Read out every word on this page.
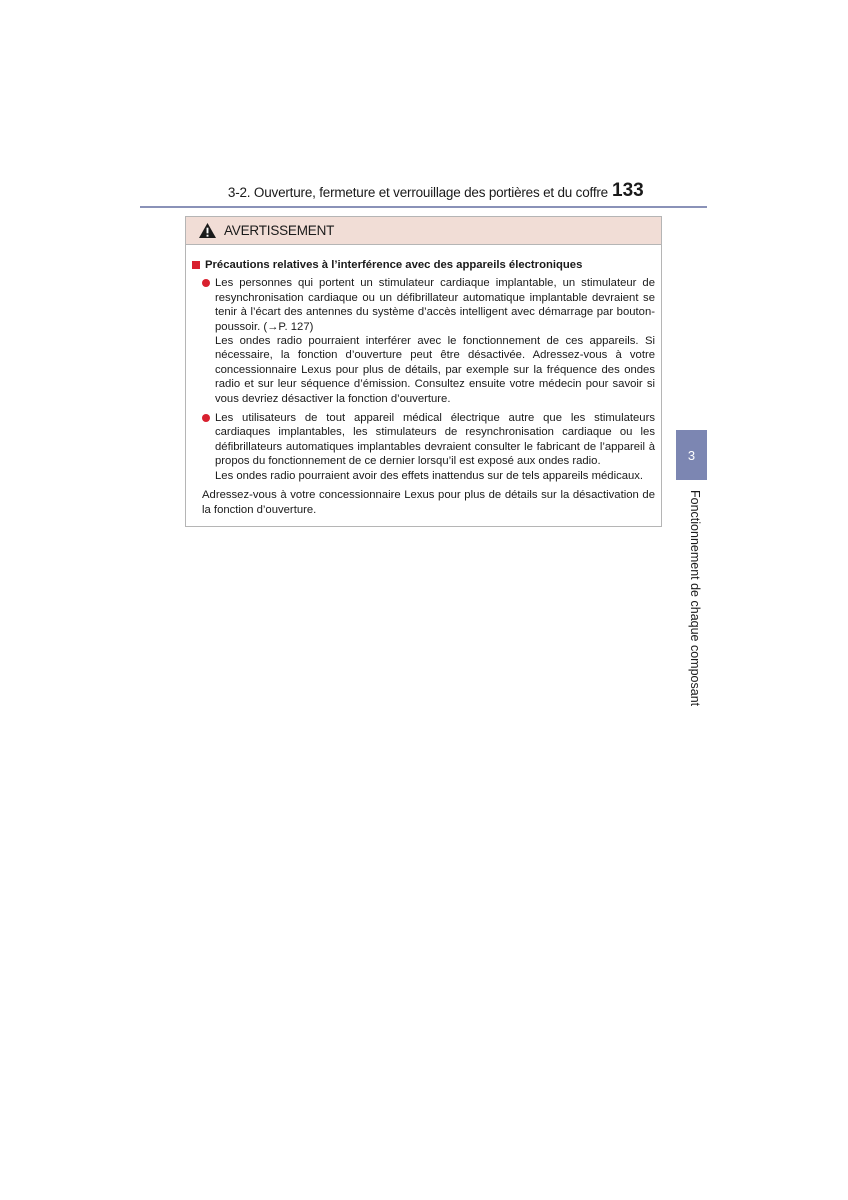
3-2. Ouverture, fermeture et verrouillage des portières et du coffre 133
AVERTISSEMENT
Précautions relatives à l’interférence avec des appareils électroniques

Les personnes qui portent un stimulateur cardiaque implantable, un stimulateur de resynchronisation cardiaque ou un défibrillateur automatique implantable devraient se tenir à l’écart des antennes du système d’accès intelligent avec démarrage par bouton-poussoir. (→P. 127)

Les ondes radio pourraient interférer avec le fonctionnement de ces appareils. Si nécessaire, la fonction d’ouverture peut être désactivée. Adressez-vous à votre concessionnaire Lexus pour plus de détails, par exemple sur la fréquence des ondes radio et sur leur séquence d’émission. Consultez ensuite votre médecin pour savoir si vous devriez désactiver la fonction d’ouverture.

Les utilisateurs de tout appareil médical électrique autre que les stimulateurs cardiaques implantables, les stimulateurs de resynchronisation cardiaque ou les défibrillateurs automatiques implantables devraient consulter le fabricant de l’appareil à propos du fonctionnement de ce dernier lorsqu’il est exposé aux ondes radio.

Les ondes radio pourraient avoir des effets inattendus sur de tels appareils médicaux.

Adressez-vous à votre concessionnaire Lexus pour plus de détails sur la désactivation de la fonction d’ouverture.

3
Fonctionnement de chaque composant
